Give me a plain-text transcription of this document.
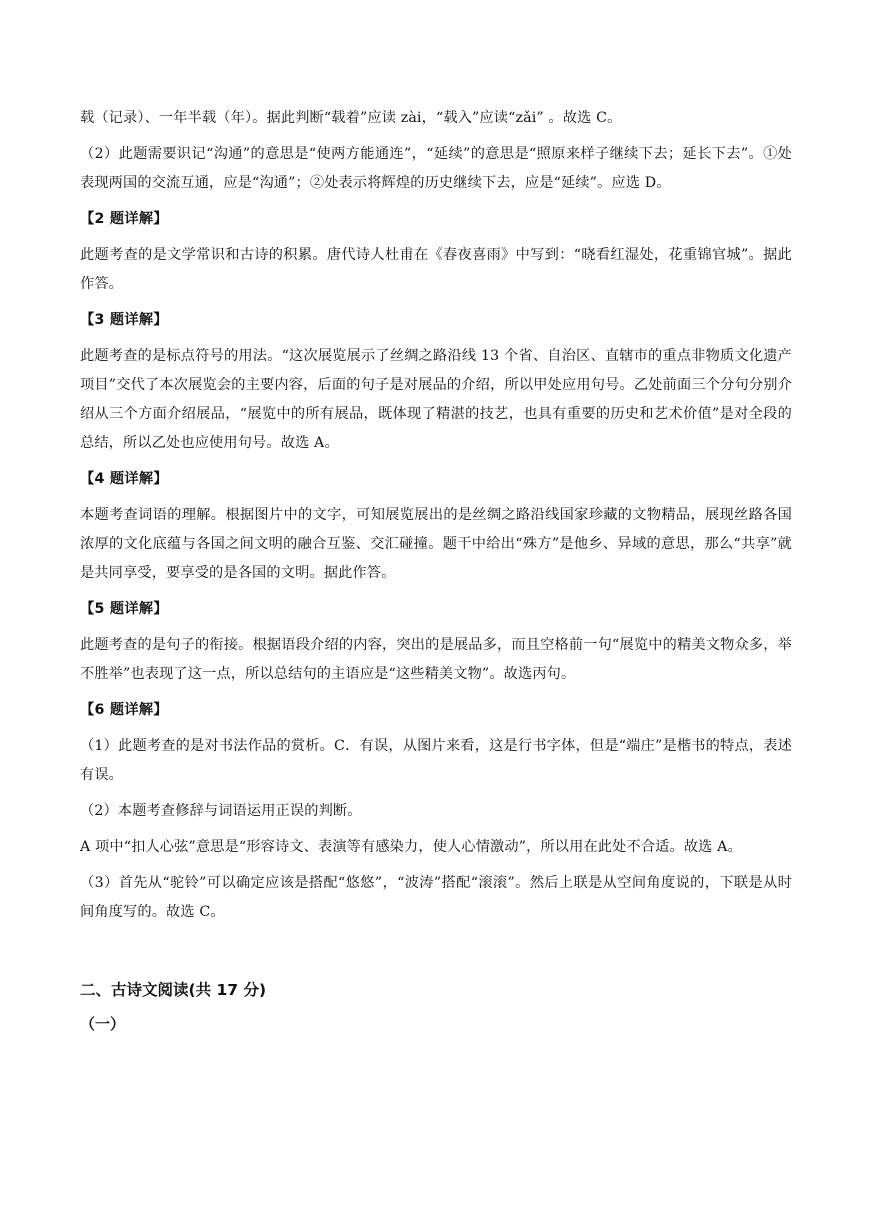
载（记录）、一年半载（年）。据此判断“载着”应读 zài，“载入”应读“zǎi” 。故选 C。

（2）此题需要识记“沟通”的意思是“使两方能通连”，“延续”的意思是“照原来样子继续下去；延长下去”。①处表现两国的交流互通，应是“沟通”；②处表示将辉煌的历史继续下去，应是“延续”。应选 D。

【2 题详解】

此题考查的是文学常识和古诗的积累。唐代诗人杜甫在《春夜喜雨》中写到：“晓看红湿处，花重锦官城”。据此作答。

【3 题详解】

此题考查的是标点符号的用法。“这次展览展示了丝绸之路沿线 13 个省、自治区、直辖市的重点非物质文化遗产项目”交代了本次展览会的主要内容，后面的句子是对展品的介绍，所以甲处应用句号。乙处前面三个分句分别介绍从三个方面介绍展品，“展览中的所有展品，既体现了精湛的技艺，也具有重要的历史和艺术价值”是对全段的总结，所以乙处也应使用句号。故选 A。

【4 题详解】

本题考查词语的理解。根据图片中的文字，可知展览展出的是丝绸之路沿线国家珍藏的文物精品，展现丝路各国浓厚的文化底蕴与各国之间文明的融合互鉴、交汇碰撞。题干中给出“殊方”是他乡、异域的意思，那么“共享”就是共同享受，要享受的是各国的文明。据此作答。

【5 题详解】

此题考查的是句子的衔接。根据语段介绍的内容，突出的是展品多，而且空格前一句“展览中的精美文物众多，举不胜举”也表现了这一点，所以总结句的主语应是“这些精美文物”。故选丙句。

【6 题详解】

（1）此题考查的是对书法作品的赏析。C．有误，从图片来看，这是行书字体，但是“端庄”是楷书的特点，表述有误。

（2）本题考查修辞与词语运用正误的判断。

A 项中“扣人心弦”意思是“形容诗文、表演等有感染力，使人心情激动”，所以用在此处不合适。故选 A。

（3）首先从“驼铃”可以确定应该是搭配“悠悠”，“波涛”搭配“滚滚”。然后上联是从空间角度说的，下联是从时间角度写的。故选 C。

二、古诗文阅读(共 17 分)
（一）
